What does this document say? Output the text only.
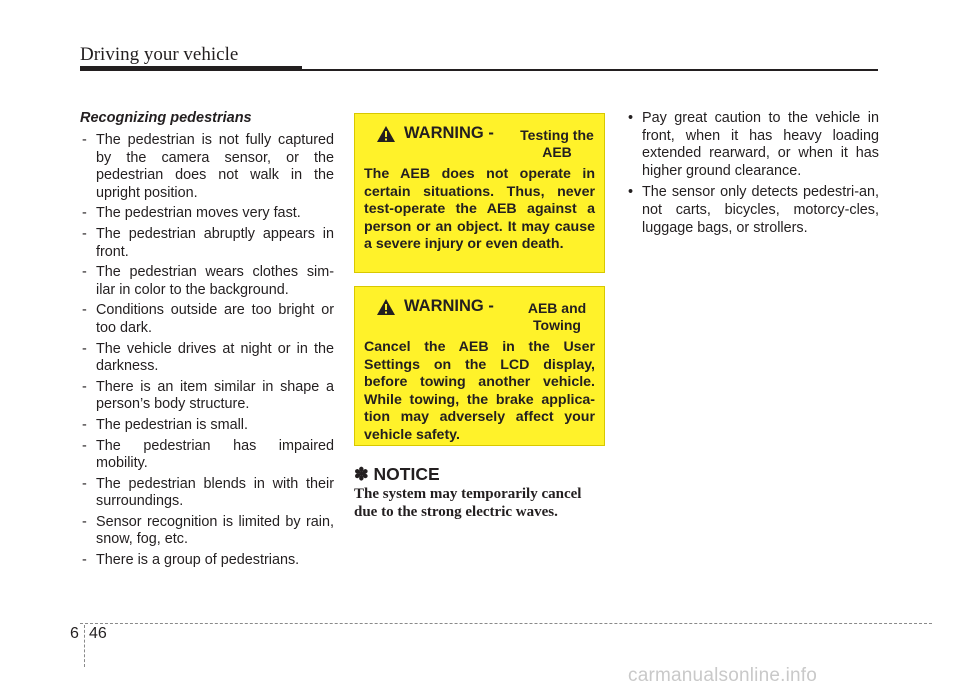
Driving your vehicle
Recognizing pedestrians
- The pedestrian is not fully captured by the camera sensor, or the pedestrian does not walk in the upright position.
- The pedestrian moves very fast.
- The pedestrian abruptly appears in front.
- The pedestrian wears clothes sim-ilar in color to the background.
- Conditions outside are too bright or too dark.
- The vehicle drives at night or in the darkness.
- There is an item similar in shape a person’s body structure.
- The pedestrian is small.
- The pedestrian has impaired mobility.
- The pedestrian blends in with their surroundings.
- Sensor recognition is limited by rain, snow, fog, etc.
- There is a group of pedestrians.
WARNING -	Testing the AEB
The AEB does not operate in certain situations. Thus, never test-operate the AEB against a person or an object. It may cause a severe injury or even death.
WARNING -	AEB and Towing
Cancel the AEB in the User Settings on the LCD display, before towing another vehicle. While towing, the brake applica-tion may adversely affect your vehicle safety.
✽ NOTICE
The system may temporarily cancel due to the strong electric waves.
• Pay great caution to the vehicle in front, when it has heavy loading extended rearward, or when it has higher ground clearance.
• The sensor only detects pedestri-an, not carts, bicycles, motorcy-cles, luggage bags, or strollers.
6 46
carmanualsonline.info
